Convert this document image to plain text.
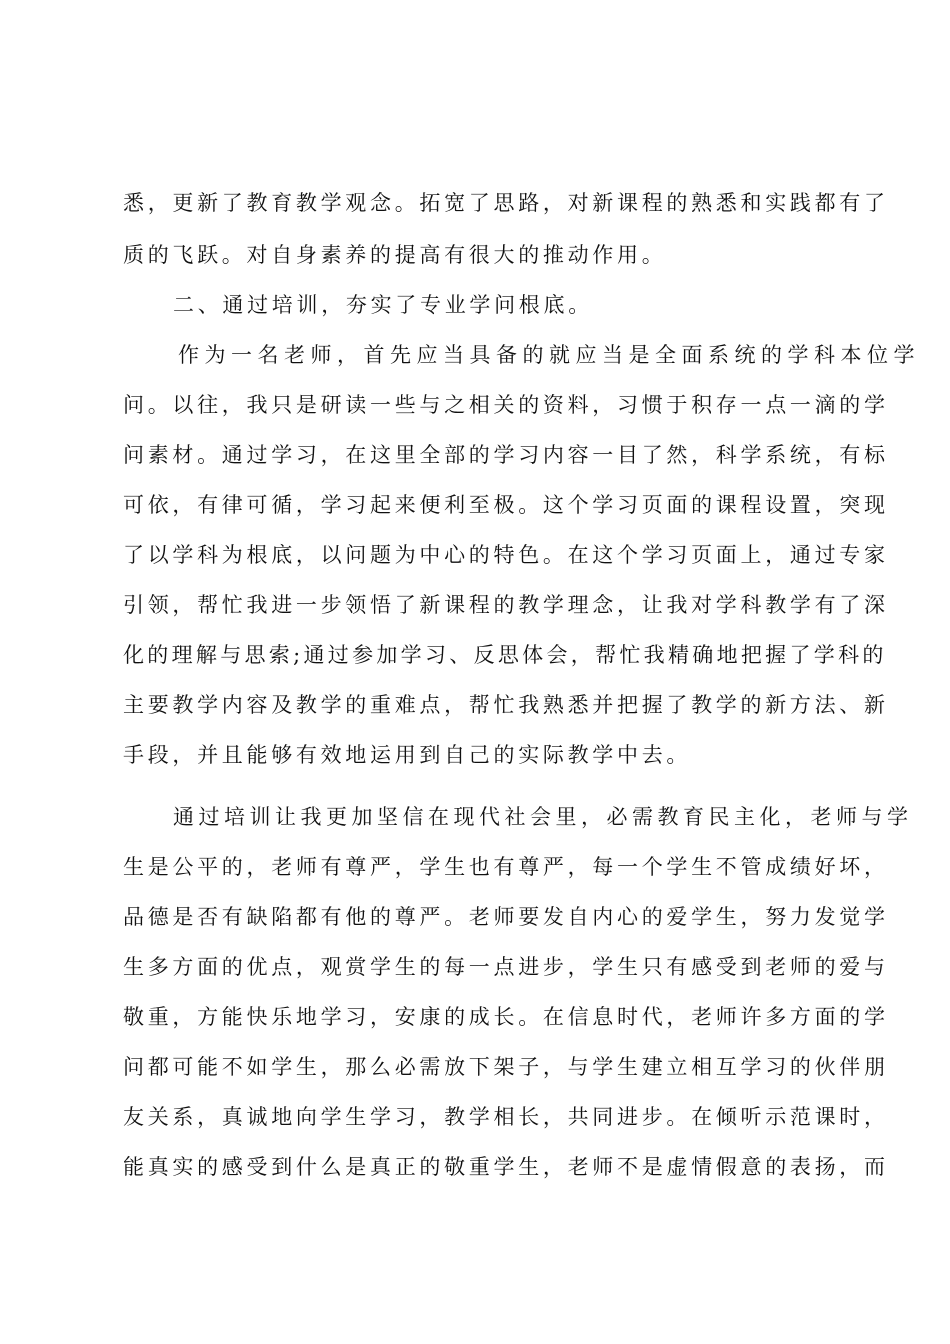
悉，更新了教育教学观念。拓宽了思路，对新课程的熟悉和实践都有了

质的飞跃。对自身素养的提高有很大的推动作用。

二、通过培训，夯实了专业学问根底。

作为一名老师，首先应当具备的就应当是全面系统的学科本位学

问。以往，我只是研读一些与之相关的资料，习惯于积存一点一滴的学

问素材。通过学习，在这里全部的学习内容一目了然，科学系统，有标

可依，有律可循，学习起来便利至极。这个学习页面的课程设置，突现

了以学科为根底，以问题为中心的特色。在这个学习页面上，通过专家

引领，帮忙我进一步领悟了新课程的教学理念，让我对学科教学有了深

化的理解与思索;通过参加学习、反思体会，帮忙我精确地把握了学科的

主要教学内容及教学的重难点，帮忙我熟悉并把握了教学的新方法、新

手段，并且能够有效地运用到自己的实际教学中去。

通过培训让我更加坚信在现代社会里，必需教育民主化，老师与学

生是公平的，老师有尊严，学生也有尊严，每一个学生不管成绩好坏，

品德是否有缺陷都有他的尊严。老师要发自内心的爱学生，努力发觉学

生多方面的优点，观赏学生的每一点进步，学生只有感受到老师的爱与

敬重，方能快乐地学习，安康的成长。在信息时代，老师许多方面的学

问都可能不如学生，那么必需放下架子，与学生建立相互学习的伙伴朋

友关系，真诚地向学生学习，教学相长，共同进步。在倾听示范课时，

能真实的感受到什么是真正的敬重学生，老师不是虚情假意的表扬，而
